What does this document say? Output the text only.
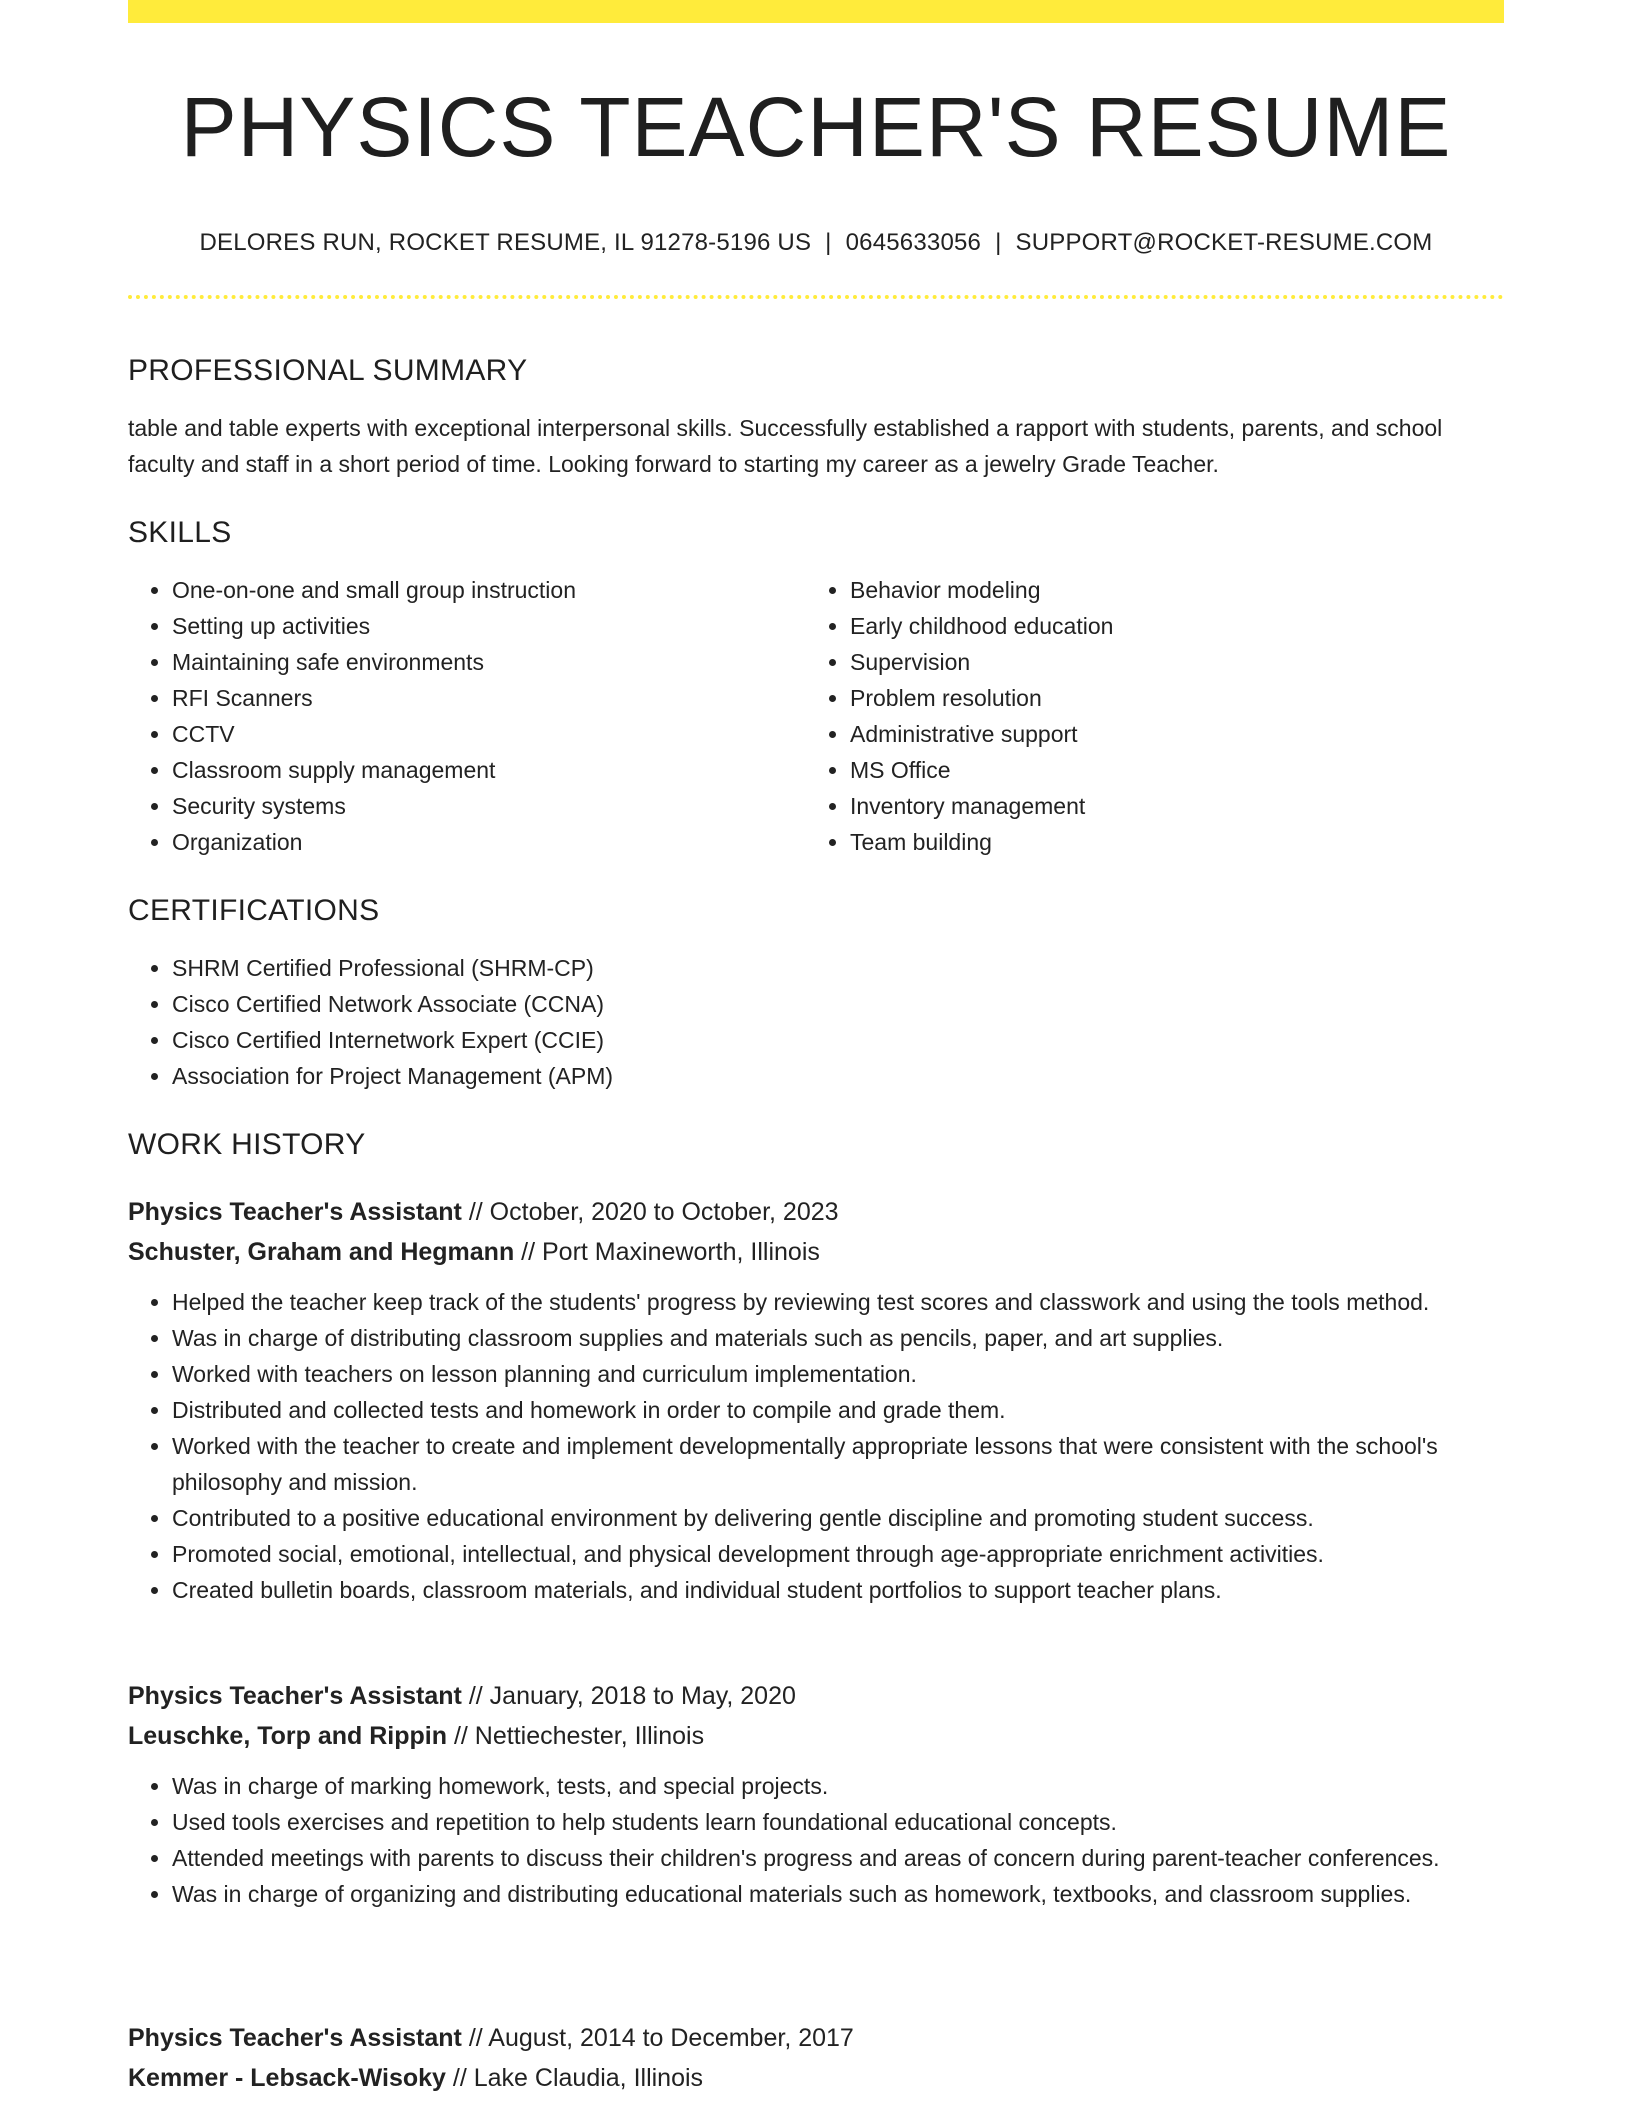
PHYSICS TEACHER'S RESUME
DELORES RUN, ROCKET RESUME, IL 91278-5196 US | 0645633056 | SUPPORT@ROCKET-RESUME.COM
PROFESSIONAL SUMMARY
table and table experts with exceptional interpersonal skills. Successfully established a rapport with students, parents, and school faculty and staff in a short period of time. Looking forward to starting my career as a jewelry Grade Teacher.
SKILLS
• One-on-one and small group instruction
• Setting up activities
• Maintaining safe environments
• RFI Scanners
• CCTV
• Classroom supply management
• Security systems
• Organization
• Behavior modeling
• Early childhood education
• Supervision
• Problem resolution
• Administrative support
• MS Office
• Inventory management
• Team building
CERTIFICATIONS
• SHRM Certified Professional (SHRM-CP)
• Cisco Certified Network Associate (CCNA)
• Cisco Certified Internetwork Expert (CCIE)
• Association for Project Management (APM)
WORK HISTORY
Physics Teacher's Assistant // October, 2020 to October, 2023
Schuster, Graham and Hegmann // Port Maxineworth, Illinois
• Helped the teacher keep track of the students' progress by reviewing test scores and classwork and using the tools method.
• Was in charge of distributing classroom supplies and materials such as pencils, paper, and art supplies.
• Worked with teachers on lesson planning and curriculum implementation.
• Distributed and collected tests and homework in order to compile and grade them.
• Worked with the teacher to create and implement developmentally appropriate lessons that were consistent with the school's philosophy and mission.
• Contributed to a positive educational environment by delivering gentle discipline and promoting student success.
• Promoted social, emotional, intellectual, and physical development through age-appropriate enrichment activities.
• Created bulletin boards, classroom materials, and individual student portfolios to support teacher plans.
Physics Teacher's Assistant // January, 2018 to May, 2020
Leuschke, Torp and Rippin // Nettiechester, Illinois
• Was in charge of marking homework, tests, and special projects.
• Used tools exercises and repetition to help students learn foundational educational concepts.
• Attended meetings with parents to discuss their children's progress and areas of concern during parent-teacher conferences.
• Was in charge of organizing and distributing educational materials such as homework, textbooks, and classroom supplies.
Physics Teacher's Assistant // August, 2014 to December, 2017
Kemmer - Lebsack-Wisoky // Lake Claudia, Illinois
